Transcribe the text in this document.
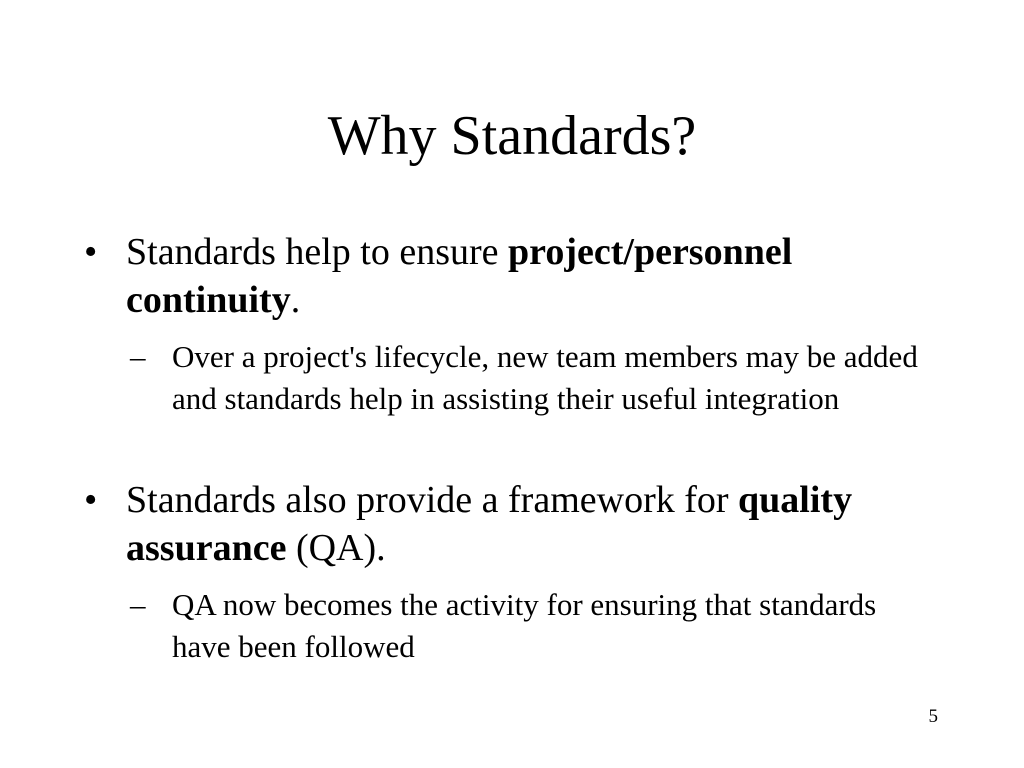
Why Standards?
• Standards help to ensure project/personnel continuity.
– Over a project's lifecycle, new team members may be added and standards help in assisting their useful integration
• Standards also provide a framework for quality assurance (QA).
– QA now becomes the activity for ensuring that standards have been followed
5
